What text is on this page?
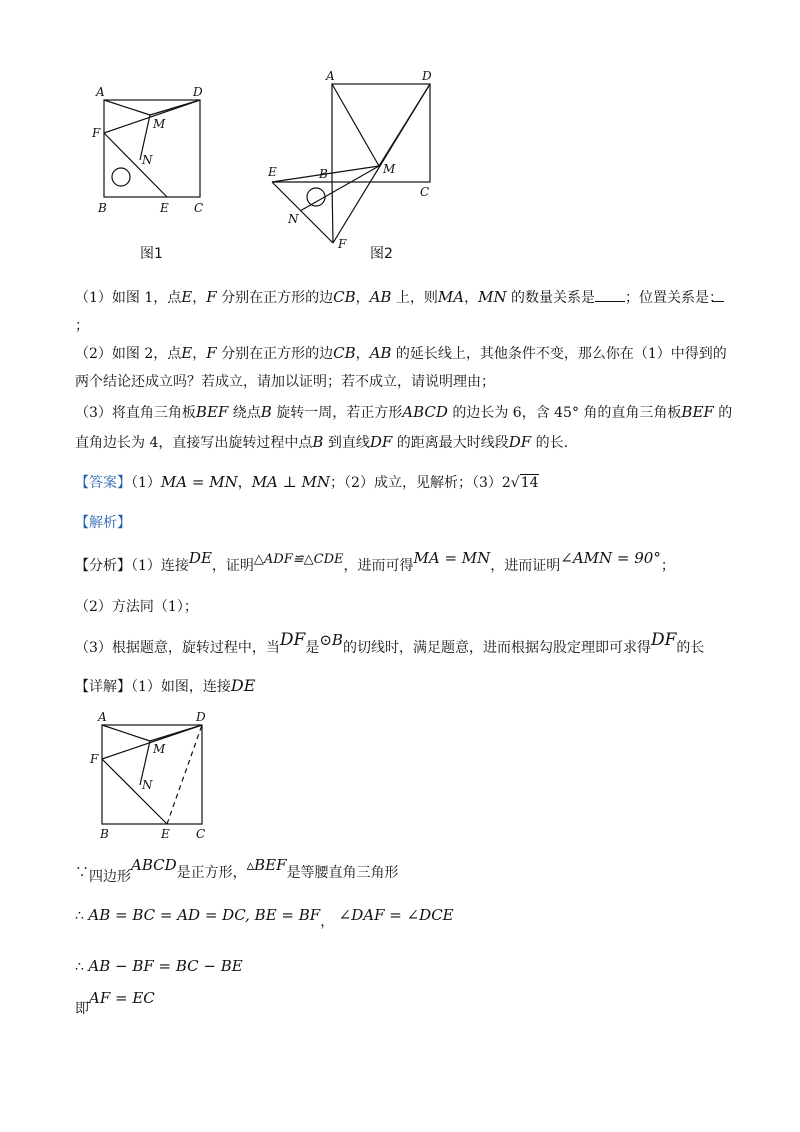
A	D
F
M
N
B	E C
图1
A	D
M
E	B
C
N
F
图2
（1）如图 1，点E，F 分别在正方形的边CB，AB 上，则MA，MN 的数量关系是 ；位置关系是：
；
（2）如图 2，点E，F 分别在正方形的边CB，AB 的延长线上，其他条件不变，那么你在（1）中得到的
两个结论还成立吗？若成立，请加以证明；若不成立，请说明理由；
（3）将直角三角板BEF 绕点B 旋转一周，若正方形ABCD 的边长为 6，含 45° 角的直角三角板BEF 的
直角边长为 4，直接写出旋转过程中点B 到直线DF 的距离最大时线段DF 的长.
【答案】（1）MA = MN，MA ⊥ MN；（2）成立，见解析；（3）2√14
【解析】
【分析】（1）连接DE，证明△ADF≌△CDE，进而可得MA = MN，进而证明∠AMN = 90°；
（2）方法同（1）；
（3）根据题意，旋转过程中，当DF是⊙B的切线时，满足题意，进而根据勾股定理即可求得DF的长
【详解】（1）如图，连接DE
A	D
F
M
N
B	E C
∵四边形ABCD是正方形，▵BEF是等腰直角三角形
∴ AB = BC = AD = DC, BE = BF， ∠DAF = ∠DCE
∴ AB − BF = BC − BE
即AF = EC
